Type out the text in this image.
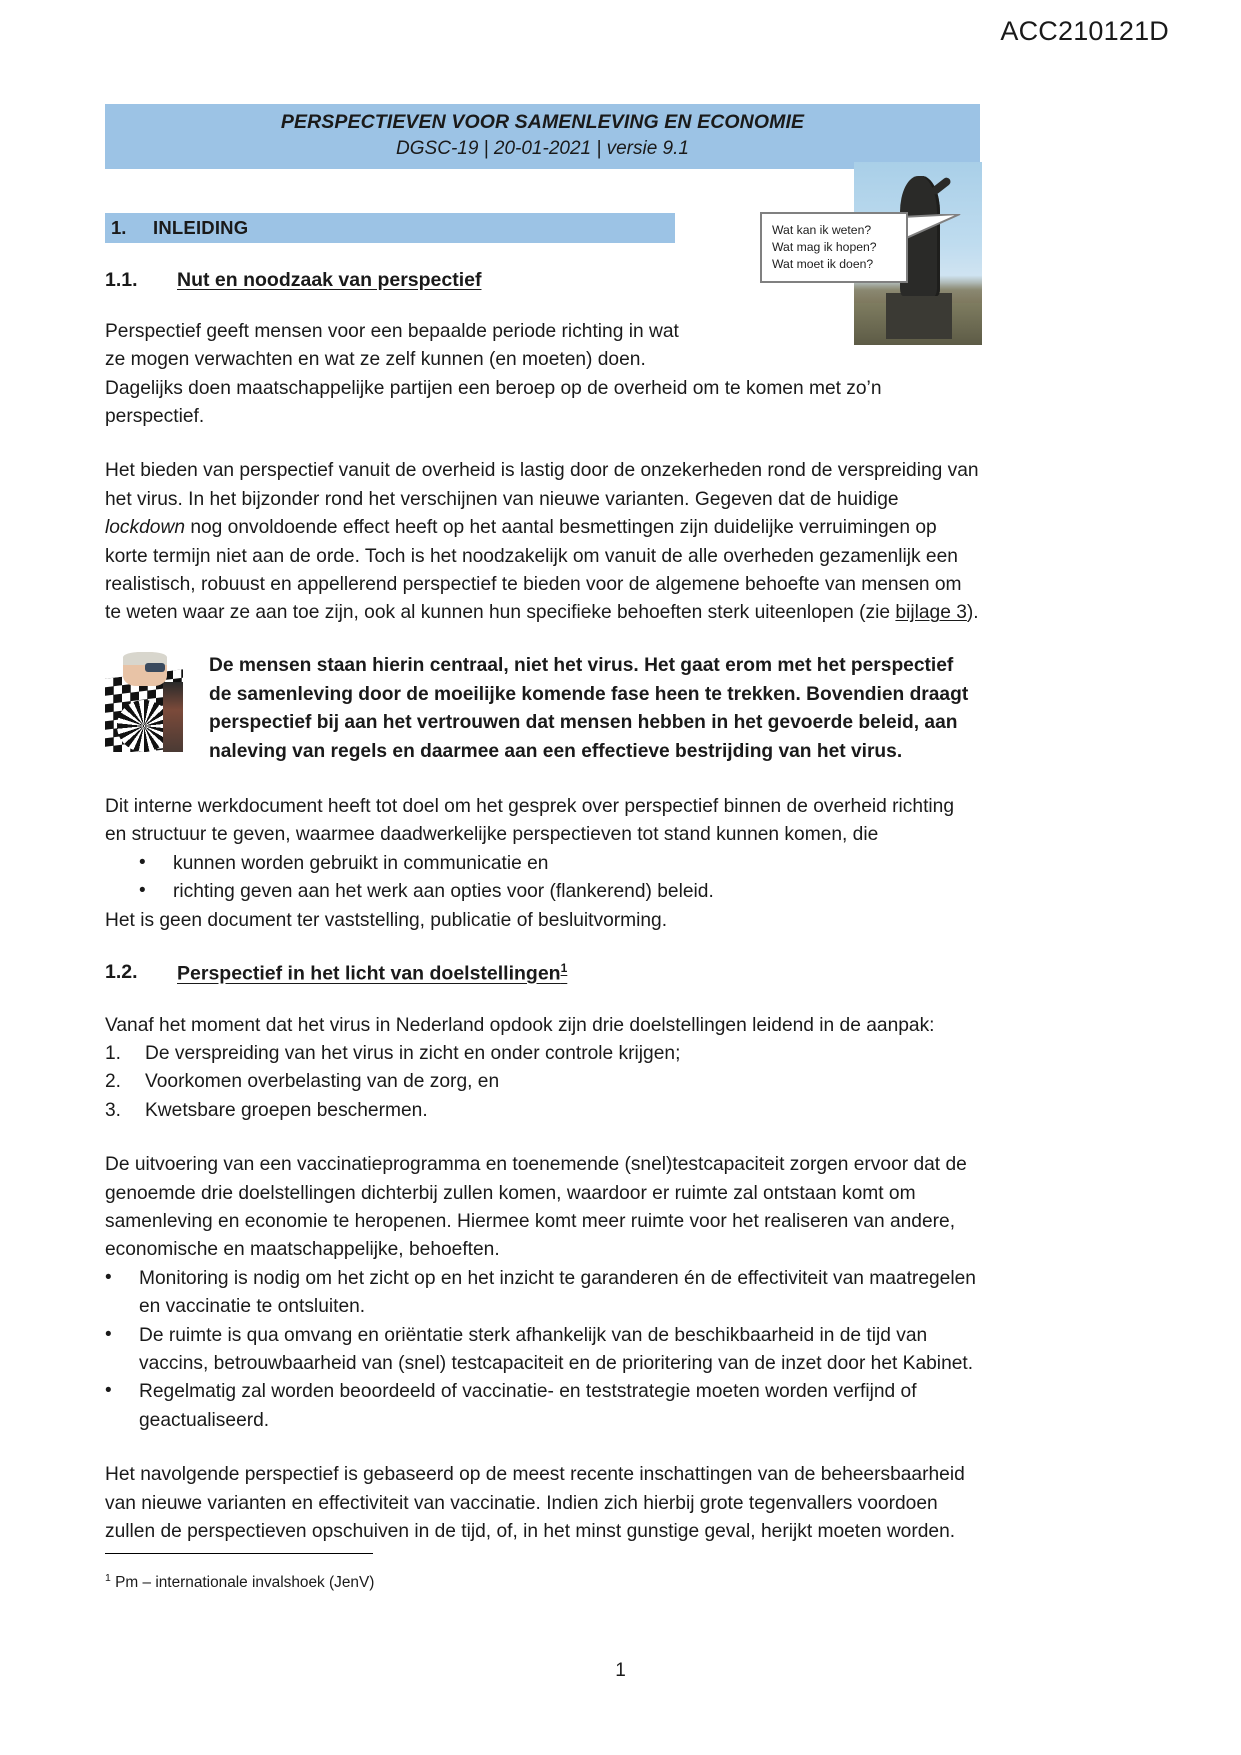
ACC210121D
PERSPECTIEVEN VOOR SAMENLEVING EN ECONOMIE
DGSC-19 | 20-01-2021 | versie 9.1
1.	INLEIDING
1.1.	Nut en noodzaak van perspectief

Perspectief geeft mensen voor een bepaalde periode richting in wat
ze mogen verwachten en wat ze zelf kunnen (en moeten) doen.
Dagelijks doen maatschappelijke partijen een beroep op de overheid om te komen met zo’n perspectief.

Het bieden van perspectief vanuit de overheid is lastig door de onzekerheden rond de verspreiding van het virus. In het bijzonder rond het verschijnen van nieuwe varianten. Gegeven dat de huidige lockdown nog onvoldoende effect heeft op het aantal besmettingen zijn duidelijke verruimingen op korte termijn niet aan de orde. Toch is het noodzakelijk om vanuit de alle overheden gezamenlijk een realistisch, robuust en appellerend perspectief te bieden voor de algemene behoefte van mensen om te weten waar ze aan toe zijn, ook al kunnen hun specifieke behoeften sterk uiteenlopen (zie bijlage 3).

De mensen staan hierin centraal, niet het virus. Het gaat erom met het perspectief de samenleving door de moeilijke komende fase heen te trekken. Bovendien draagt perspectief bij aan het vertrouwen dat mensen hebben in het gevoerde beleid, aan naleving van regels en daarmee aan een effectieve bestrijding van het virus.

Dit interne werkdocument heeft tot doel om het gesprek over perspectief binnen de overheid richting en structuur te geven, waarmee daadwerkelijke perspectieven tot stand kunnen komen, die

• kunnen worden gebruikt in communicatie en
• richting geven aan het werk aan opties voor (flankerend) beleid.

Het is geen document ter vaststelling, publicatie of besluitvorming.

1.2.	Perspectief in het licht van doelstellingen$^1$

Vanaf het moment dat het virus in Nederland opdook zijn drie doelstellingen leidend in de aanpak:

1. De verspreiding van het virus in zicht en onder controle krijgen;
2. Voorkomen overbelasting van de zorg, en
3. Kwetsbare groepen beschermen.

De uitvoering van een vaccinatieprogramma en toenemende (snel)testcapaciteit zorgen ervoor dat de genoemde drie doelstellingen dichterbij zullen komen, waardoor er ruimte zal ontstaan komt om samenleving en economie te heropenen. Hiermee komt meer ruimte voor het realiseren van andere, economische en maatschappelijke, behoeften.

• Monitoring is nodig om het zicht op en het inzicht te garanderen én de effectiviteit van maatregelen en vaccinatie te ontsluiten.
• De ruimte is qua omvang en oriëntatie sterk afhankelijk van de beschikbaarheid in de tijd van vaccins, betrouwbaarheid van (snel) testcapaciteit en de prioritering van de inzet door het Kabinet.
• Regelmatig zal worden beoordeeld of vaccinatie- en teststrategie moeten worden verfijnd of geactualiseerd.

Het navolgende perspectief is gebaseerd op de meest recente inschattingen van de beheersbaarheid van nieuwe varianten en effectiviteit van vaccinatie. Indien zich hierbij grote tegenvallers voordoen zullen de perspectieven opschuiven in de tijd, of, in het minst gunstige geval, herijkt moeten worden.

Wat kan ik weten?
Wat mag ik hopen?
Wat moet ik doen?
$^1$ Pm – internationale invalshoek (JenV)
1
